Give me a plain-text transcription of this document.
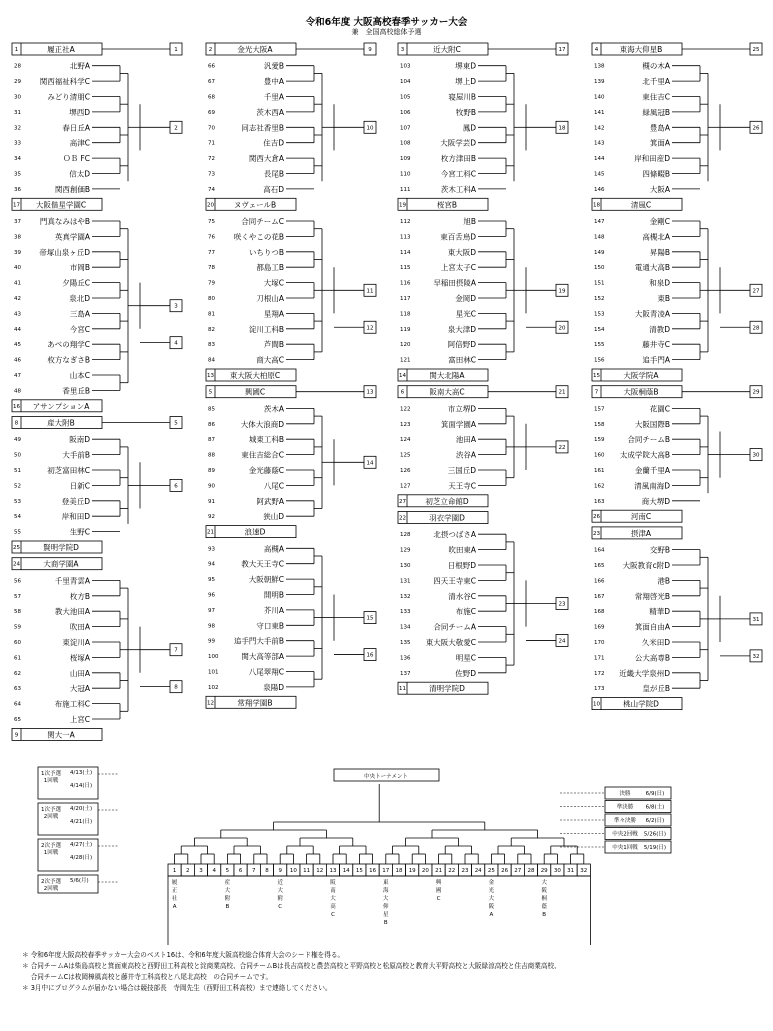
令和6年度 大阪高校春季サッカー大会
兼　全国高校総体予選
1	履正社A	1
28	北野A
29	関西福祉科学C
30	みどり清朋C
31	堺西D
32	春日丘A
33	高津C
34	ＯＢ FC
35	信太D
36	関西創価B
2
17 大阪偕星学園C
37	門真なみはやB
38	英真学園A
39 帝塚山泉ヶ丘D
40	市岡B
41	夕陽丘C
42	泉北D
43	三島A
44	今宮C
45	あべの翔学C
46	枚方なぎさB
47	山本C
48	香里丘B
3
4
16 アサンプションA
8	産大附B	5
49	阪南D
50	大手前B
51	初芝富田林C
52	日新C
53	登美丘D
54	岸和田D
55	生野C
6
25	賢明学院D
24	大商学園A
56	千里青雲A
57	枚方B
58	教大池田A
59	吹田A
60	東淀川A
61	桜塚A
62	山田A
63	大冠A
64	布施工科C
65	上宮C
7
8
9	関大一A
2	金光大阪A	9
66	汎愛B
67	豊中A
68	千里A
69	茨木西A
70	同志社香里B
71	住吉D
72	関西大倉A
73	長尾B
74	高石D
10
20	ヌヴェールB
75	合同チームC
76	咲くやこの花B
77	いちりつB
78	都島工B
79	大塚C
80	刀根山A
81	星翔A
82	淀川工科B
83	芦間B
84	商大高C
11
12
13 東大阪大柏原C
5	興國C	13
85	茨木A
86	大体大浪商D
87	城東工科B
88	東住吉総合C
89	金光藤蔭C
90	八尾C
91	阿武野A
92	狭山D
14
21	浪速D
93	高槻A
94	教大天王寺C
95	大阪朝鮮C
96	開明B
97	芥川A
98	守口東B
99	追手門大手前B
100	関大高等部A
101	八尾翠翔C
102	泉陽D
15
16
12	常翔学園B
3	近大附C	17
103	堺東D
104	堺上D
105	寝屋川B
106	牧野B
107	鳳D
108	大阪学芸D
109	枚方津田B
110	今宮工科C
111	茨木工科A
18
19	桜宮B
112	旭B
113	東百舌鳥D
114	東大阪D
115	上宮太子C
116	早稲田摂陵A
117	金岡D
118	星光C
119	泉大津D
120	阿倍野D
121	富田林C
19
20
14	関大北陽A
6	阪南大高C	21
122	市立堺D
123	箕面学園A
124	池田A
125	渋谷A
126	三国丘D
127	天王寺C
22
27	初芝立命館D
22	羽衣学園D
128	北摂つばさA
129	吹田東A
130	日根野D
131	四天王寺東C
132	清水谷C
133	布施C
134	合同チームA
135 東大阪大敬愛C
136	明星C
137	佐野D
23
24
11	清明学院D
4	東海大仰星B	25
138	槻の木A
139	北千里A
140	東住吉C
141	緑風冠B
142	豊島A
143	箕面A
144	岸和田産D
145	四條畷B
146	大阪A
26
18	清風C
147	金剛C
148	高槻北A
149	昇陽B
150	電通大高B
151	和泉D
152	東B
153	大阪青凌A
154	清教D
155	藤井寺C
156	追手門A
27
28
15	大阪学院A
7	大阪桐蔭B	29
157	花園C
158	大阪国際B
159	合同チームB
160 太成学院大高B
161	金蘭千里A
162	清風南海D
163	商大堺D
30
26	河南C
23	摂津A
164	交野B
165 大阪教育c附D
166	港B
167	常翔啓光B
168	精華D
169	箕面自由A
170	久米田D
171	公大高専B
172 近畿大学泉州D
173	皇が丘B
31
32
10	桃山学院D
1次予選
1回戦
4/13(土)
4/14(日)
1次予選
2回戦
4/20(土)
4/21(日)
2次予選
1回戦
4/27(土)
4/28(日)
2次予選
2回戦
5/6(月)
中央トーナメント
決勝	6/9(日)
準決勝 6/8(土)
準々決勝 6/2(日)
中央2回戦 5/26(日)
中央1回戦 5/19(日)
1 2 3 4 5 6 7 8 9 10 11 12 13 14 15 16 17 18 19 20 21 22 23 24 25 26 27 28 29 30 31 32
履
正
社
A
産
大
附
B
近
大
附
C
阪
南
大
高
C
東
海
大
仰
星
B
興
國
C
金
光
大
阪
A
大
阪
桐
蔭
B
＊ 令和6年度大阪高校春季サッカー大会のベスト16は、令和6年度大阪高校総合体育大会のシード権を得る。
＊ 合同チームAは柴島高校と箕面東高校と西野田工科高校と淀商業高校、合同チームBは長吉高校と農芸高校と平野高校と松原高校と教育大平野高校と大阪緑涼高校と住吉商業高校、
　 合同チームCは枚岡樟風高校と藤井寺工科高校と八尾北高校　の合同チームです。
＊ 3月中にプログラムが届かない場合は競技部長　寺岡先生（西野田工科高校）まで連絡してください。
